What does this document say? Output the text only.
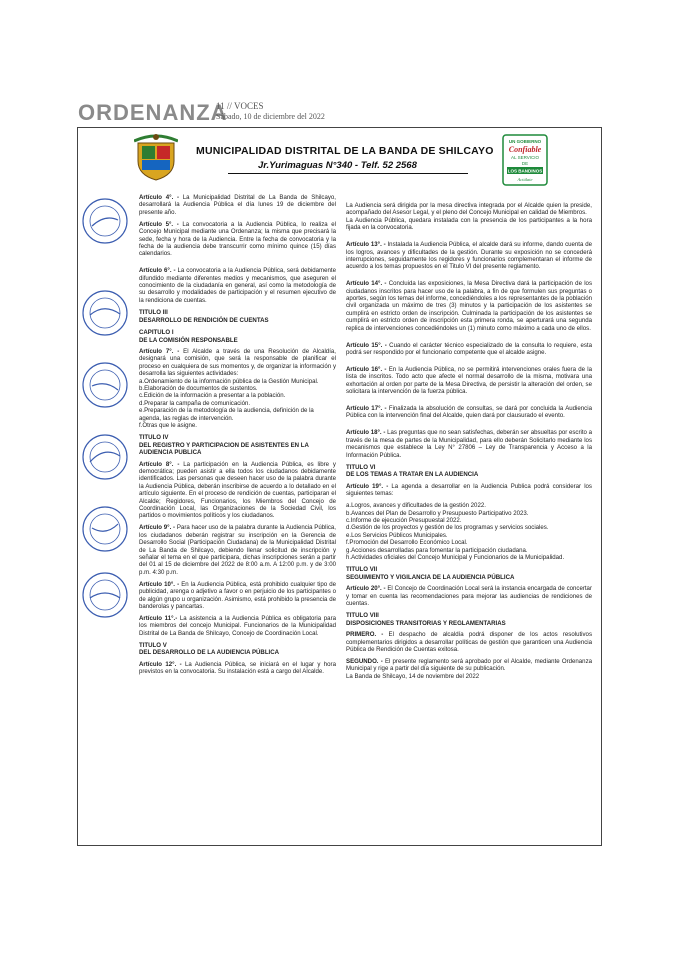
ORDENANZA
11 // VOCES
Sábado, 10 de diciembre del 2022
MUNICIPALIDAD DISTRITAL DE LA BANDA DE SHILCAYO
Jr.Yurimaguas N°340 - Telf. 52 2568
UN GOBIERNO
Confiable
AL SERVICIO
DE
LOS BANDINOS
Actúlate

Artículo 4°. - La Municipalidad Distrital de La Banda de Shilcayo, desarrollará la Audiencia Pública el día lunes 19 de diciembre del presente año.

Artículo 5°. - La convocatoria a la Audiencia Pública, lo realiza el Concejo Municipal mediante una Ordenanza; la misma que precisará la sede, fecha y hora de la Audiencia. Entre la fecha de convocatoria y la fecha de la audiencia debe transcurrir como mínimo quince (15) días calendarios.

Artículo 6°. - La convocatoria a la Audiencia Pública, será debidamente difundido mediante diferentes medios y mecanismos, que aseguren el conocimiento de la ciudadanía en general, así como la metodología de su desarrollo y modalidades de participación y el resumen ejecutivo de la rendiciona de cuentas.

TITULO III
DESARROLLO DE RENDICIÓN DE CUENTAS
CAPITULO I
DE LA COMISIÓN RESPONSABLE

Artículo 7°. - El Alcalde a través de una Resolución de Alcaldía, designará una comisión, que será la responsable de planificar el proceso en cualquiera de sus momentos y, de organizar la información y desarrolla las siguientes actividades:

a.Ordenamiento de la información pública de la Gestión Municipal.
b.Elaboración de documentos de sustentos.
c.Edición de la información a presentar a la población.
d.Preparar la campaña de comunicación.
e.Preparación de la metodología de la audiencia, definición de la agenda, las reglas de intervención.
f.Otras que le asigne.
TITULO IV
DEL REGISTRO Y PARTICIPACION DE ASISTENTES EN LA AUDIENCIA PUBLICA

Artículo 8°. - La participación en la Audiencia Pública, es libre y democrática; pueden asistir a ella todos los ciudadanos debidamente identificados. Las personas que deseen hacer uso de la palabra durante la Audiencia Pública, deberán inscribirse de acuerdo a lo detallado en el artículo siguiente. En el proceso de rendición de cuentas, participaran el Alcalde; Regidores, Funcionarios, los Miembros del Concejo de Coordinación Local, las Organizaciones de la Sociedad Civil, los partidos o movimientos políticos y los ciudadanos.

Artículo 9°. - Para hacer uso de la palabra durante la Audiencia Pública, los ciudadanos deberán registrar su inscripción en la Gerencia de Desarrollo Social (Participación Ciudadana) de la Municipalidad Distrital de La Banda de Shilcayo, debiendo llenar solicitud de inscripción y señalar el tema en el que participara, dichas inscripciones serán a partir del 01 al 15 de diciembre del 2022 de 8:00 a.m. A 12:00 p.m. y de 3:00 p.m. 4:30 p.m.

Artículo 10°. - En la Audiencia Pública, está prohibido cualquier tipo de publicidad, arenga o adjetivo a favor o en perjuicio de los participantes o de algún grupo u organización. Asimismo, está prohibido la presencia de banderolas y pancartas.

Artículo 11°.- La asistencia a la Audiencia Pública es obligatoria para los miembros del concejo Municipal. Funcionarios de la Municipalidad Distrital de La Banda de Shilcayo, Concejo de Coordinación Local.

TITULO V
DEL DESARROLLO DE LA AUDIENCIA PÚBLICA

Artículo 12°. - La Audiencia Pública, se iniciará en el lugar y hora previstos en la convocatoria. Su instalación está a cargo del Alcalde.

La Audiencia será dirigida por la mesa directiva integrada por el Alcalde quien la preside, acompañado del Asesor Legal, y el pleno del Concejo Municipal en calidad de Miembros.

La Audiencia Pública, quedara instalada con la presencia de los participantes a la hora fijada en la convocatoria.

Artículo 13°. - Instalada la Audiencia Pública, el alcalde dará su informe, dando cuenta de los logros, avances y dificultades de la gestión. Durante su exposición no se concederá interrupciones, seguidamente los regidores y funcionarios complementaran el informe de acuerdo a los temas propuestos en el Titulo VI del presente reglamento.

Artículo 14°. - Concluida las exposiciones, la Mesa Directiva dará la participación de los ciudadanos inscritos para hacer uso de la palabra, a fin de que formulen sus preguntas o aportes, según los temas del informe, concediéndoles a los representantes de la población civil organizada un máximo de tres (3) minutos y la participación de los asistentes se cumplirá en estricto orden de inscripción. Culminada la participación de los asistentes se cumplirá en estricto orden de inscripción esta primera ronda, se aperturará una segunda replica de intervenciones concediéndoles un (1) minuto como máximo a cada uno de ellos.

Artículo 15°. - Cuando el carácter técnico especializado de la consulta lo requiere, esta podrá ser respondido por el funcionario competente que el alcalde asigne.

Artículo 16°. - En la Audiencia Pública, no se permitirá intervenciones orales fuera de la lista de inscritos. Todo acto que afecte el normal desarrollo de la misma, motivara una exhortación al orden por parte de la Mesa Directiva, de persistir la alteración del orden, se solicitara la intervención de la fuerza pública.

Artículo 17°. - Finalizada la absolución de consultas, se dará por concluida la Audiencia Pública con la intervención final del Alcalde, quien dará por clausurado el evento.

Artículo 18°. - Las preguntas que no sean satisfechas, deberán ser absueltas por escrito a través de la mesa de partes de la Municipalidad, para ello deberán Solicitarlo mediante los mecanismos que establece la Ley N° 27806 – Ley de Transparencia y Acceso a la Información Pública.

TITULO VI
DE LOS TEMAS A TRATAR EN LA AUDIENCIA

Artículo 19°. - La agenda a desarrollar en la Audiencia Publica podrá considerar los siguientes temas:

a.Logros, avances y dificultades de la gestión 2022.
b.Avances del Plan de Desarrollo y Presupuesto Participativo 2023.
c.Informe de ejecución Presupuestal 2022.
d.Gestión de los proyectos y gestión de los programas y servicios sociales.
e.Los Servicios Públicos Municipales.
f.Promoción del Desarrollo Económico Local.
g.Acciones desarrolladas para fomentar la participación ciudadana.
h.Actividades oficiales del Concejo Municipal y Funcionarios de la Municipalidad.
TITULO VII
SEGUIMIENTO Y VIGILANCIA DE LA AUDIENCIA PÚBLICA

Artículo 20°. - El Concejo de Coordinación Local será la instancia encargada de concertar y tomar en cuenta las recomendaciones para mejorar las audiencias de rendiciones de cuentas.

TITULO VIII
DISPOSICIONES TRANSITORIAS Y REGLAMENTARIAS

PRIMERO. - El despacho de alcaldía podrá disponer de los actos resolutivos complementarios dirigidos a desarrollar políticas de gestión que garanticen una Audiencia Pública de Rendición de Cuentas exitosa.

SEGUNDO. - El presente reglamento será aprobado por el Alcalde, mediante Ordenanza Municipal y rige a partir del día siguiente de su publicación.

La Banda de Shilcayo, 14 de noviembre del 2022
